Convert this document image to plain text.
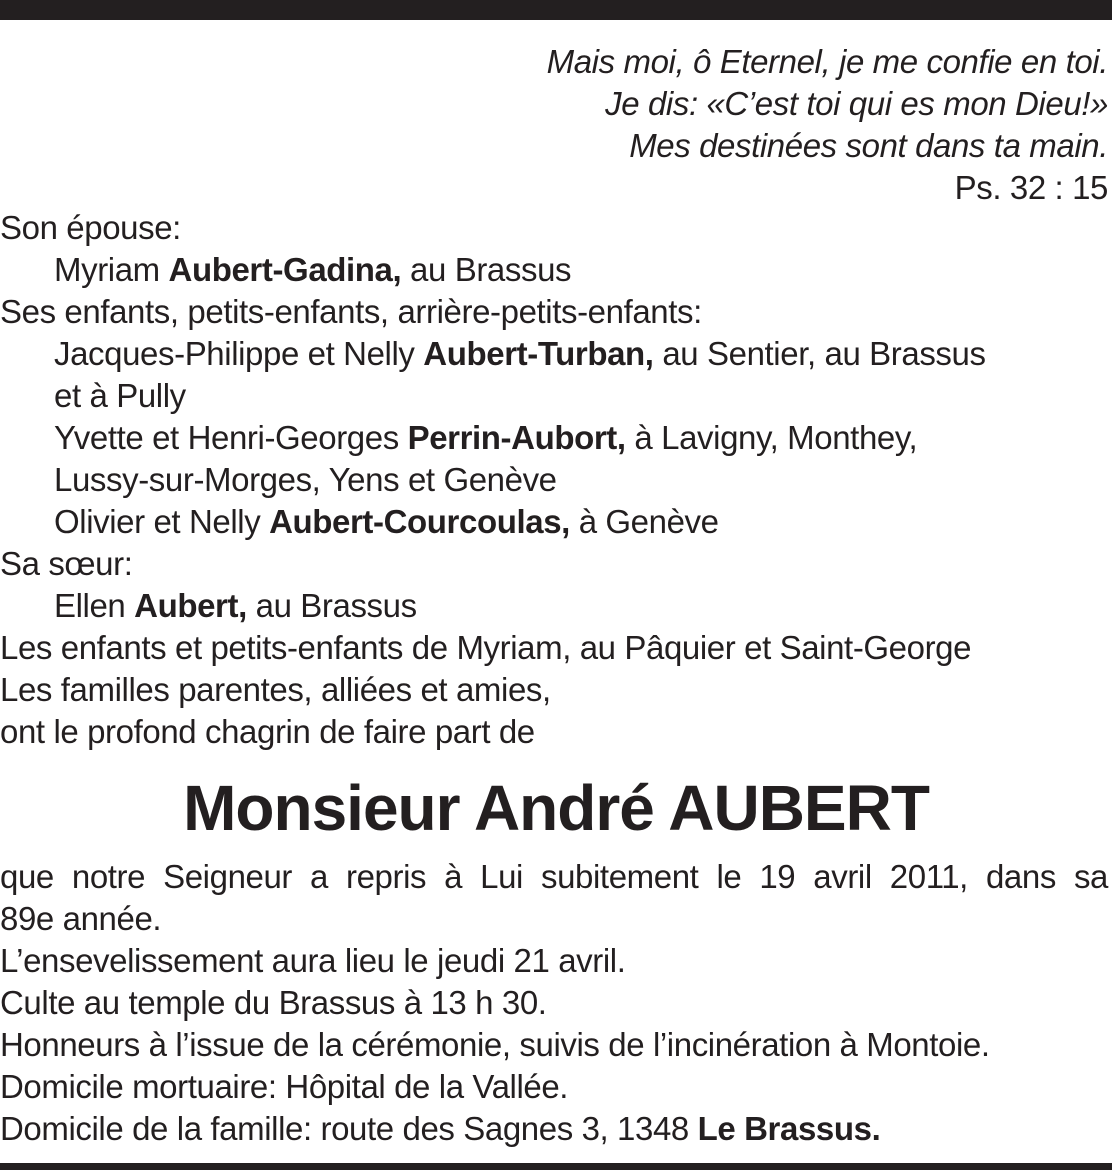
Mais moi, ô Eternel, je me confie en toi.
Je dis: «C’est toi qui es mon Dieu!»
Mes destinées sont dans ta main.
Ps. 32 : 15
Son épouse:
Myriam Aubert-Gadina, au Brassus
Ses enfants, petits-enfants, arrière-petits-enfants:
Jacques-Philippe et Nelly Aubert-Turban, au Sentier, au Brassus
et à Pully
Yvette et Henri-Georges Perrin-Aubort, à Lavigny, Monthey,
Lussy-sur-Morges, Yens et Genève
Olivier et Nelly Aubert-Courcoulas, à Genève
Sa sœur:
Ellen Aubert, au Brassus
Les enfants et petits-enfants de Myriam, au Pâquier et Saint-George
Les familles parentes, alliées et amies,
ont le profond chagrin de faire part de
Monsieur André AUBERT
que notre Seigneur a repris à Lui subitement le 19 avril 2011, dans sa
89e année.
L’ensevelissement aura lieu le jeudi 21 avril.
Culte au temple du Brassus à 13 h 30.
Honneurs à l’issue de la cérémonie, suivis de l’incinération à Montoie.
Domicile mortuaire: Hôpital de la Vallée.
Domicile de la famille: route des Sagnes 3, 1348 Le Brassus.
